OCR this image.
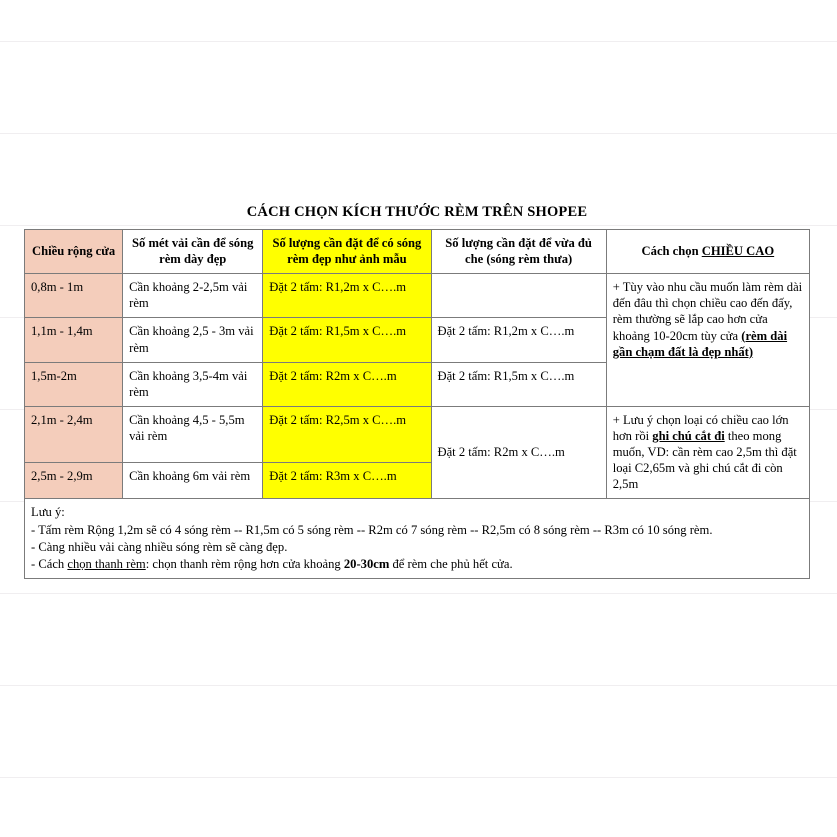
CÁCH CHỌN KÍCH THƯỚC RÈM TRÊN SHOPEE
Chiều rộng cửa	Số mét vải cần để sóng rèm dày đẹp	Số lượng cần đặt để có sóng rèm đẹp như ảnh mẫu	Số lượng cần đặt để vừa đủ che (sóng rèm thưa)	Cách chọn CHIỀU CAO
0,8m - 1m	Cần khoảng 2-2,5m vải rèm	Đặt 2 tấm: R1,2m x C….m		+ Tùy vào nhu cầu muốn làm rèm dài đến đâu thì chọn chiều cao đến đấy, rèm thường sẽ lắp cao hơn cửa khoảng 10-20cm tùy cửa (rèm dài gần chạm đất là đẹp nhất)
1,1m - 1,4m	Cần khoảng 2,5 - 3m vải rèm	Đặt 2 tấm: R1,5m x C….m	Đặt 2 tấm: R1,2m x C….m	
1,5m-2m	Cần khoảng 3,5-4m vải rèm	Đặt 2 tấm: R2m x C….m	Đặt 2 tấm: R1,5m x C….m	
2,1m - 2,4m	Cần khoảng 4,5 - 5,5m vải rèm	Đặt 2 tấm: R2,5m x C….m	Đặt 2 tấm: R2m x C….m	+ Lưu ý chọn loại có chiều cao lớn hơn rồi ghi chú cắt đi theo mong muốn, VD: cần rèm cao 2,5m thì đặt loại C2,65m và ghi chú cắt đi còn 2,5m
2,5m - 2,9m	Cần khoảng 6m vải rèm	Đặt 2 tấm: R3m x C….m		

Lưu ý:

- Tấm rèm Rộng 1,2m sẽ có 4 sóng rèm -- R1,5m có 5 sóng rèm -- R2m có 7 sóng rèm -- R2,5m có 8 sóng rèm -- R3m có 10 sóng rèm.

- Càng nhiều vải càng nhiều sóng rèm sẽ càng đẹp.

- Cách chọn thanh rèm: chọn thanh rèm rộng hơn cửa khoảng 20-30cm để rèm che phủ hết cửa.				
